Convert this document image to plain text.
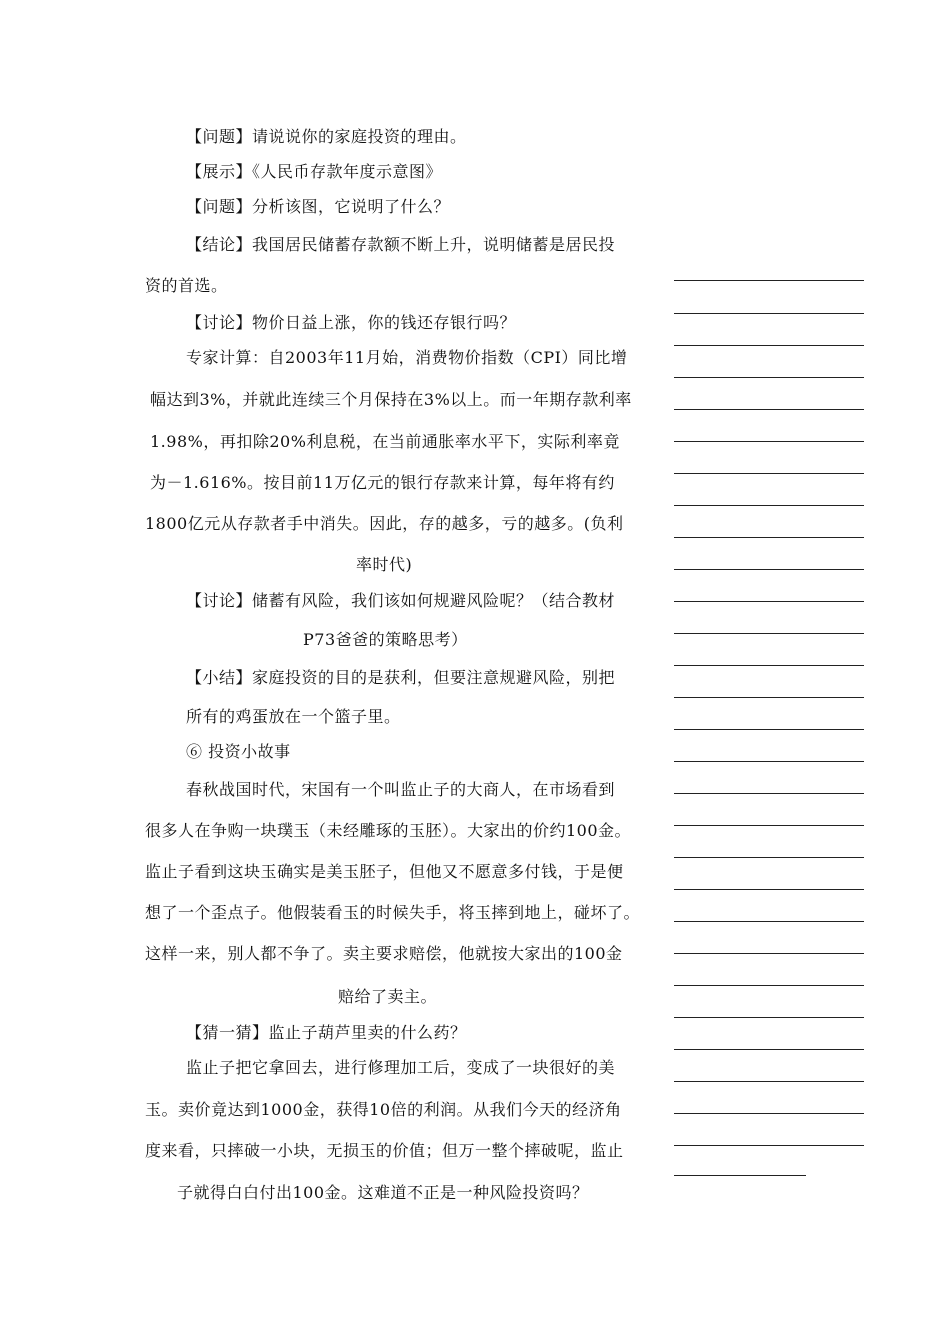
【问题】请说说你的家庭投资的理由。
【展示】《人民币存款年度示意图》
【问题】分析该图，它说明了什么？
【结论】我国居民储蓄存款额不断上升，说明储蓄是居民投
资的首选。
【讨论】物价日益上涨，你的钱还存银行吗？
专家计算：自2003年11月始，消费物价指数（CPI）同比增
幅达到3%，并就此连续三个月保持在3%以上。而一年期存款利率
1.98%，再扣除20%利息税，在当前通胀率水平下，实际利率竟
为－1.616%。按目前11万亿元的银行存款来计算，每年将有约
1800亿元从存款者手中消失。因此，存的越多，亏的越多。(负利
率时代)
【讨论】储蓄有风险，我们该如何规避风险呢？（结合教材
P73爸爸的策略思考）
【小结】家庭投资的目的是获利，但要注意规避风险，别把
所有的鸡蛋放在一个篮子里。
⑥ 投资小故事
春秋战国时代，宋国有一个叫监止子的大商人，在市场看到
很多人在争购一块璞玉（未经雕琢的玉胚）。大家出的价约100金。
监止子看到这块玉确实是美玉胚子，但他又不愿意多付钱，于是便
想了一个歪点子。他假装看玉的时候失手，将玉摔到地上，碰坏了。
这样一来，别人都不争了。卖主要求赔偿，他就按大家出的100金
赔给了卖主。
【猜一猜】监止子葫芦里卖的什么药？
监止子把它拿回去，进行修理加工后，变成了一块很好的美
玉。卖价竟达到1000金，获得10倍的利润。从我们今天的经济角
度来看，只摔破一小块，无损玉的价值；但万一整个摔破呢，监止
子就得白白付出100金。这难道不正是一种风险投资吗？
